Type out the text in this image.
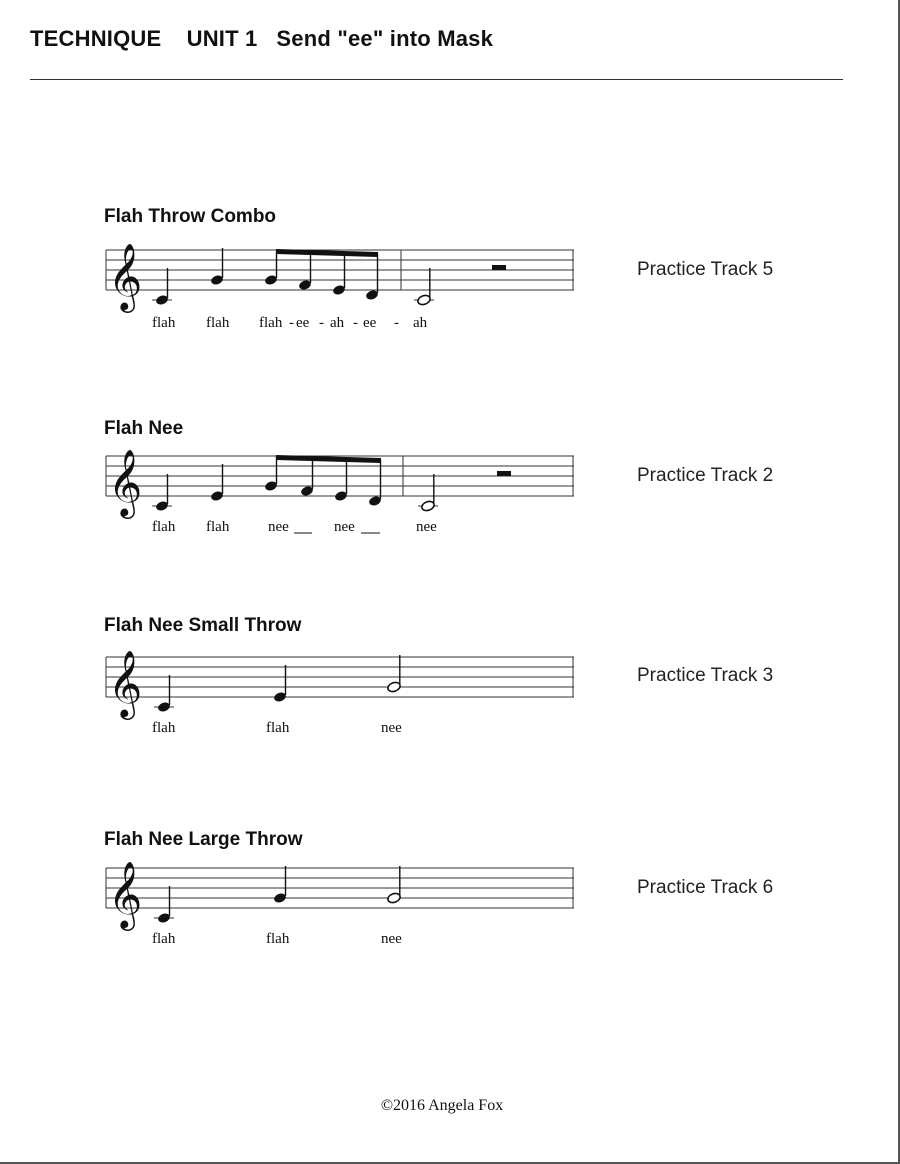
TECHNIQUE    UNIT 1   Send "ee" into Mask
Flah Throw Combo
Practice Track 5
𝄞
flah flah flah - ee - ah - ee - ah
Flah Nee
Practice Track 2
𝄞
flah flah	nee	nee	nee
Flah Nee Small Throw
Practice Track 3
𝄞
flah	flah	nee
Flah Nee Large Throw
Practice Track 6
𝄞
flah	flah	nee
©2016 Angela Fox
